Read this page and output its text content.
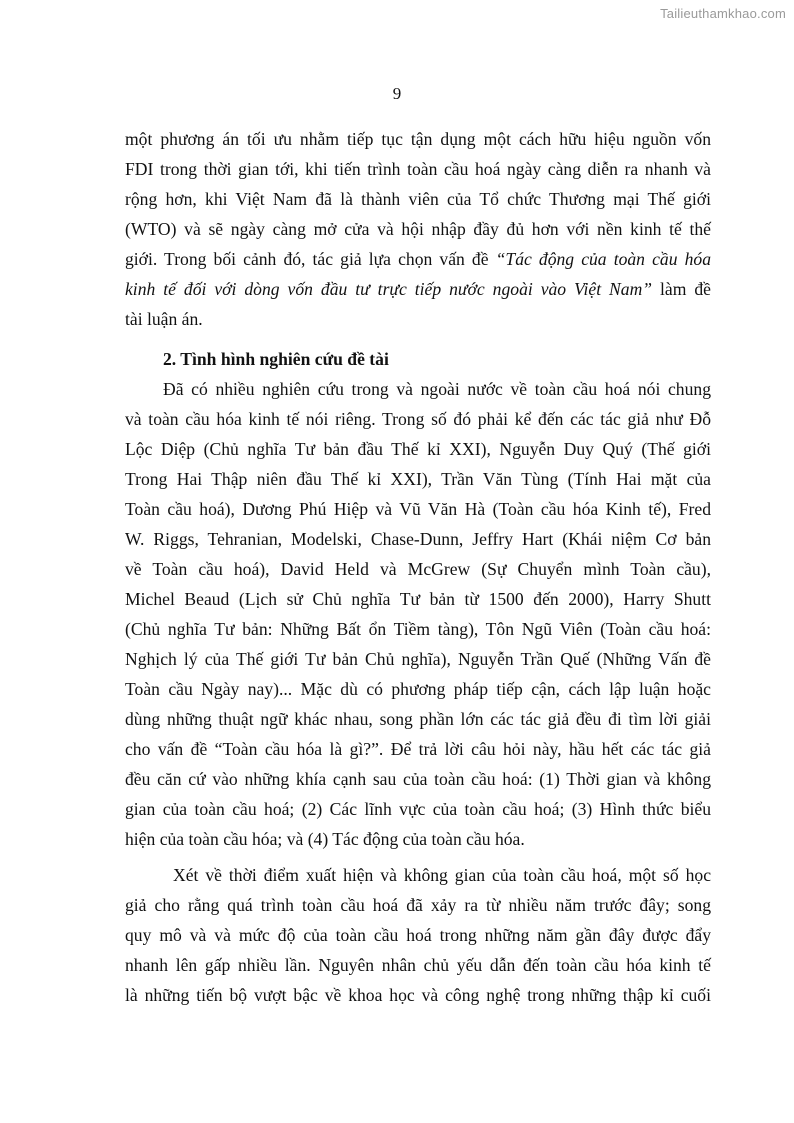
Tailieuthamkhao.com
9

một phương án tối ưu nhằm tiếp tục tận dụng một cách hữu hiệu nguồn vốn
FDI trong thời gian tới, khi tiến trình toàn cầu hoá ngày càng diễn ra nhanh và
rộng hơn, khi Việt Nam đã là thành viên của Tổ chức Thương mại Thế giới
(WTO) và sẽ ngày càng mở cửa và hội nhập đầy đủ hơn với nền kinh tế thế
giới. Trong bối cảnh đó, tác giả lựa chọn vấn đề “Tác động của toàn cầu hóa
kinh tế đối với dòng vốn đầu tư trực tiếp nước ngoài vào Việt Nam” làm đề
tài luận án.

2. Tình hình nghiên cứu đề tài

Đã có nhiều nghiên cứu trong và ngoài nước về toàn cầu hoá nói chung
và toàn cầu hóa kinh tế nói riêng. Trong số đó phải kể đến các tác giả như Đỗ
Lộc Diệp (Chủ nghĩa Tư bản đầu Thế kỉ XXI), Nguyễn Duy Quý (Thế giới
Trong Hai Thập niên đầu Thế kỉ XXI), Trần Văn Tùng (Tính Hai mặt của
Toàn cầu hoá), Dương Phú Hiệp và Vũ Văn Hà (Toàn cầu hóa Kinh tế), Fred
W. Riggs, Tehranian, Modelski, Chase-Dunn, Jeffry Hart (Khái niệm Cơ bản
về Toàn cầu hoá), David Held và McGrew (Sự Chuyển mình Toàn cầu),
Michel Beaud (Lịch sử Chủ nghĩa Tư bản từ 1500 đến 2000), Harry Shutt
(Chủ nghĩa Tư bản: Những Bất ổn Tiềm tàng), Tôn Ngũ Viên (Toàn cầu hoá:
Nghịch lý của Thế giới Tư bản Chủ nghĩa), Nguyễn Trần Quế (Những Vấn đề
Toàn cầu Ngày nay)... Mặc dù có phương pháp tiếp cận, cách lập luận hoặc
dùng những thuật ngữ khác nhau, song phần lớn các tác giả đều đi tìm lời giải
cho vấn đề “Toàn cầu hóa là gì?”. Để trả lời câu hỏi này, hầu hết các tác giả
đều căn cứ vào những khía cạnh sau của toàn cầu hoá: (1) Thời gian và không
gian của toàn cầu hoá; (2) Các lĩnh vực của toàn cầu hoá; (3) Hình thức biểu
hiện của toàn cầu hóa; và (4) Tác động của toàn cầu hóa.

Xét về thời điểm xuất hiện và không gian của toàn cầu hoá, một số học
giả cho rằng quá trình toàn cầu hoá đã xảy ra từ nhiều năm trước đây; song
quy mô và và mức độ của toàn cầu hoá trong những năm gần đây được đẩy
nhanh lên gấp nhiều lần. Nguyên nhân chủ yếu dẫn đến toàn cầu hóa kinh tế
là những tiến bộ vượt bậc về khoa học và công nghệ trong những thập kỉ cuối
